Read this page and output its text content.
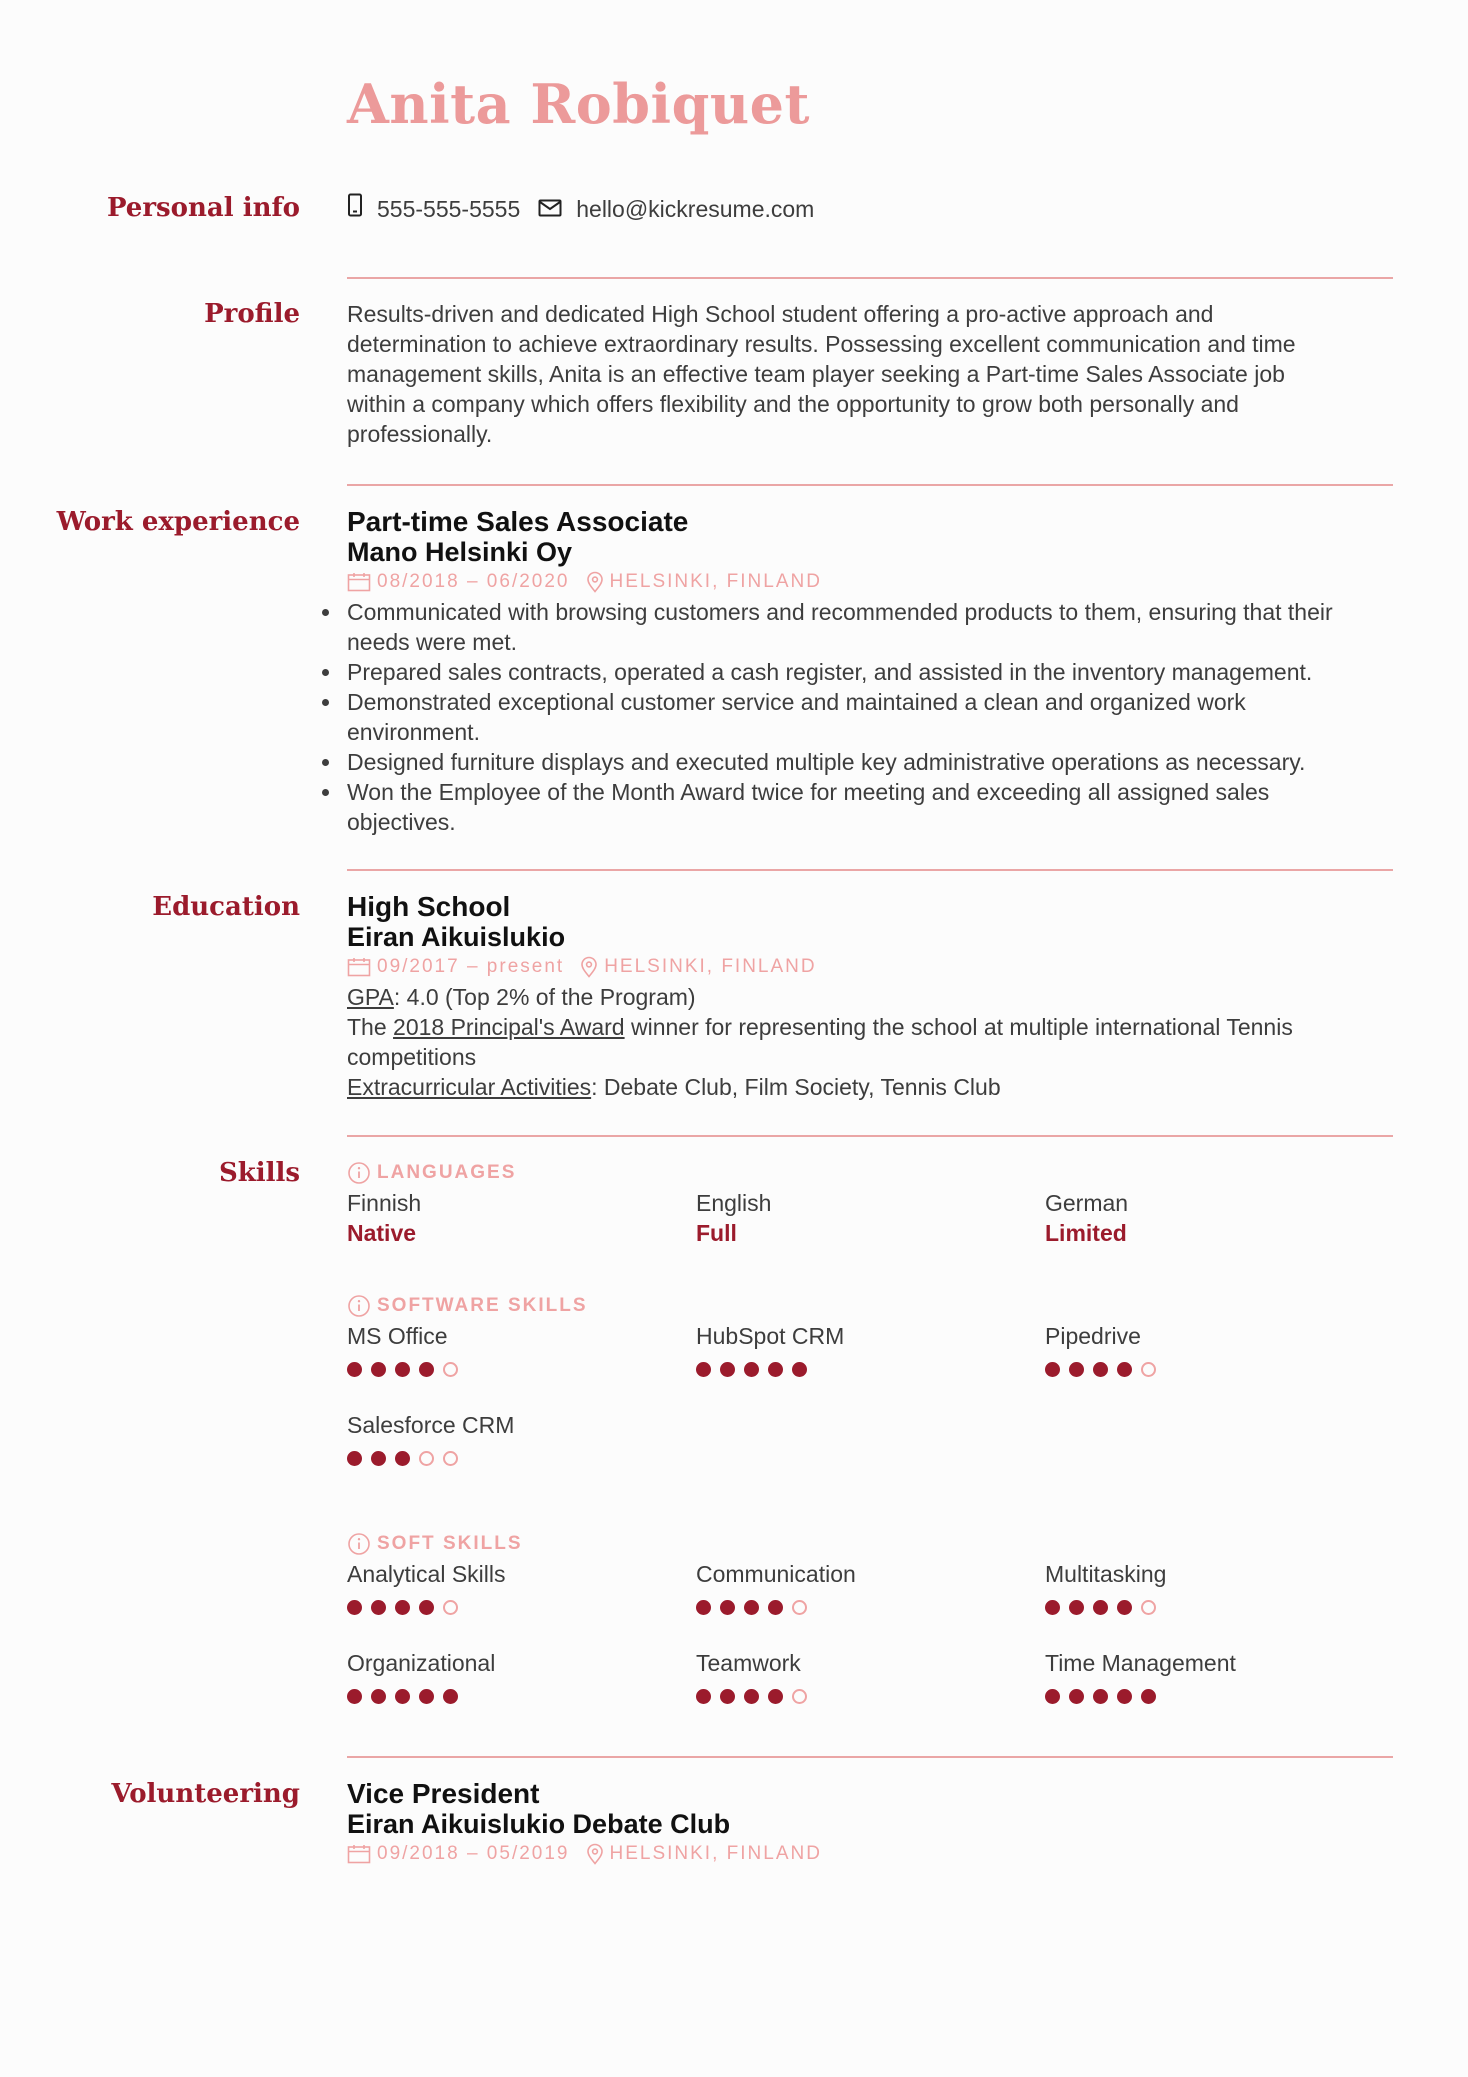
Anita Robiquet
Personal info	555-555-5555 hello@kickresume.com
Profile Results-driven and dedicated High School student offering a pro-active approach and

determination to achieve extraordinary results. Possessing excellent communication and time

management skills, Anita is an effective team player seeking a Part-time Sales Associate job

within a company which offers flexibility and the opportunity to grow both personally and

professionally.

Work experience Part-time Sales Associate

Mano Helsinki Oy

08/2018 – 06/2020 HELSINKI, FINLAND
Communicated with browsing customers and recommended products to them, ensuring that their
needs were met.
Prepared sales contracts, operated a cash register, and assisted in the inventory management.
Demonstrated exceptional customer service and maintained a clean and organized work
environment.
Designed furniture displays and executed multiple key administrative operations as necessary.
Won the Employee of the Month Award twice for meeting and exceeding all assigned sales
objectives.
Education High School

Eiran Aikuislukio

09/2017 – present HELSINKI, FINLAND

GPA: 4.0 (Top 2% of the Program)

The 2018 Principal's Award winner for representing the school at multiple international Tennis
competitions

Extracurricular Activities: Debate Club, Film Society, Tennis Club

Skills	LANGUAGES
Finnish
Native
English
Full
German
Limited
SOFTWARE SKILLS
MS Office	HubSpot CRM	Pipedrive
Salesforce CRM
SOFT SKILLS
Analytical Skills	Communication	Multitasking
Organizational	Teamwork	Time Management
Volunteering Vice President

Eiran Aikuislukio Debate Club

09/2018 – 05/2019 HELSINKI, FINLAND
